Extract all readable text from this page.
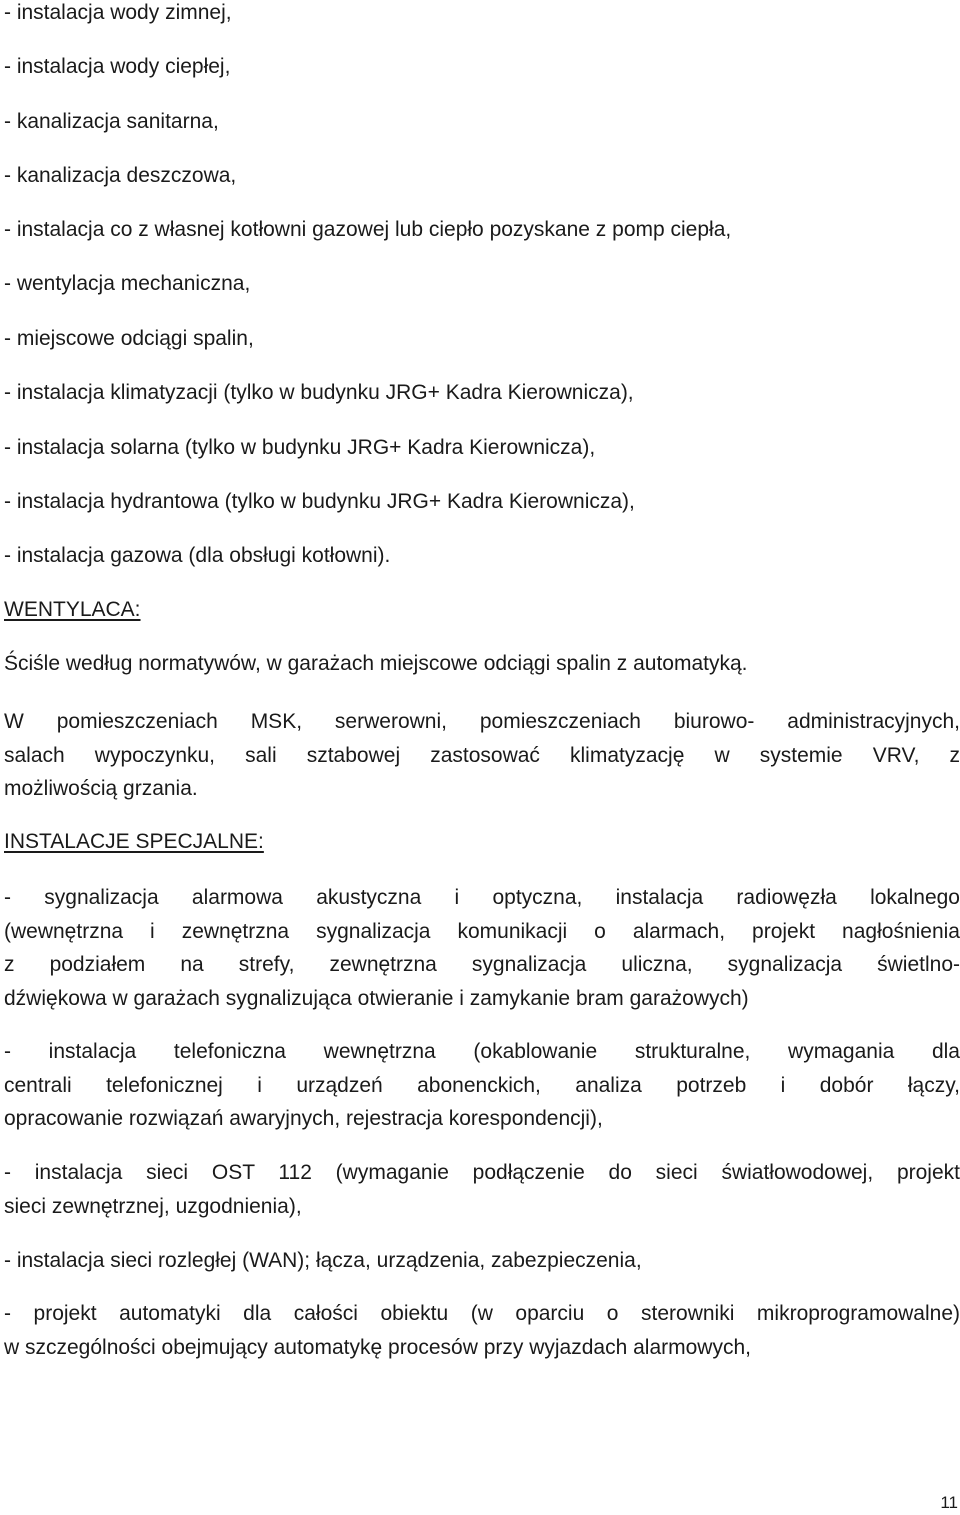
- instalacja wody zimnej,
- instalacja wody ciepłej,
- kanalizacja sanitarna,
- kanalizacja deszczowa,
- instalacja co z własnej kotłowni gazowej lub ciepło pozyskane z pomp ciepła,
- wentylacja mechaniczna,
- miejscowe odciągi spalin,
- instalacja klimatyzacji (tylko w budynku JRG+ Kadra Kierownicza),
- instalacja solarna (tylko w budynku JRG+ Kadra Kierownicza),
- instalacja hydrantowa (tylko w budynku JRG+ Kadra Kierownicza),
- instalacja gazowa (dla obsługi kotłowni).
WENTYLACA:
Ściśle według normatywów, w garażach miejscowe odciągi spalin z automatyką.
W pomieszczeniach MSK, serwerowni, pomieszczeniach biurowo- administracyjnych,
salach wypoczynku, sali sztabowej zastosować klimatyzację w systemie VRV, z
możliwością grzania.
INSTALACJE SPECJALNE:
- sygnalizacja alarmowa akustyczna i optyczna, instalacja radiowęzła lokalnego
(wewnętrzna i zewnętrzna sygnalizacja komunikacji o alarmach, projekt nagłośnienia
z podziałem na strefy, zewnętrzna sygnalizacja uliczna, sygnalizacja świetlno-
dźwiękowa w garażach sygnalizująca otwieranie i zamykanie bram garażowych)
- instalacja telefoniczna wewnętrzna (okablowanie strukturalne, wymagania dla
centrali telefonicznej i urządzeń abonenckich, analiza potrzeb i dobór łączy,
opracowanie rozwiązań awaryjnych, rejestracja korespondencji),
- instalacja sieci OST 112 (wymaganie podłączenie do sieci światłowodowej, projekt
sieci zewnętrznej, uzgodnienia),
- instalacja sieci rozległej (WAN); łącza, urządzenia, zabezpieczenia,
- projekt automatyki dla całości obiektu (w oparciu o sterowniki mikroprogramowalne)
w szczególności obejmujący automatykę procesów przy wyjazdach alarmowych,
11
